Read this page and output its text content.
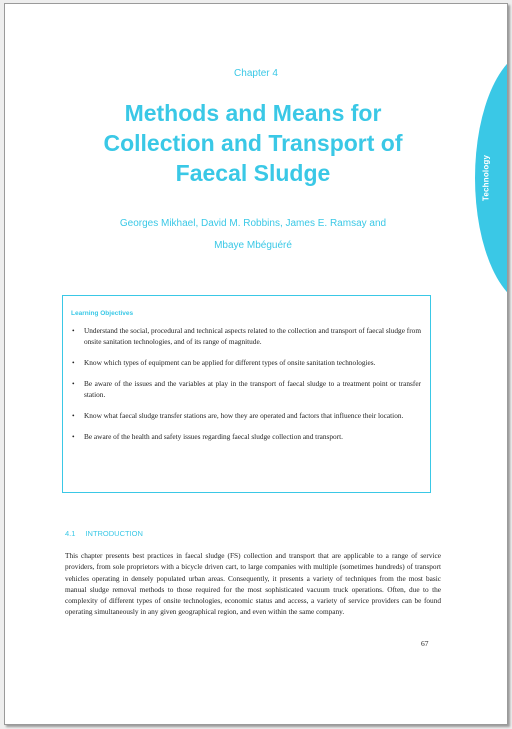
Technology
Chapter 4
Methods and Means for
Collection and Transport of
Faecal Sludge
Georges Mikhael, David M. Robbins, James E. Ramsay and
Mbaye Mbéguéré
Learning Objectives
• Understand the social, procedural and technical aspects related to the collection and transport of faecal sludge from onsite sanitation technologies, and of its range of magnitude.
• Know which types of equipment can be applied for different types of onsite sanitation technologies.
• Be aware of the issues and the variables at play in the transport of faecal sludge to a treatment point or transfer station.
• Know what faecal sludge transfer stations are, how they are operated and factors that influence their location.
• Be aware of the health and safety issues regarding faecal sludge collection and transport.
4.1 INTRODUCTION

This chapter presents best practices in faecal sludge (FS) collection and transport that are applicable to a range of service providers, from sole proprietors with a bicycle driven cart, to large companies with multiple (sometimes hundreds) of transport vehicles operating in densely populated urban areas. Consequently, it presents a variety of techniques from the most basic manual sludge removal methods to those required for the most sophisticated vacuum truck operations. Often, due to the complexity of different types of onsite technologies, economic status and access, a variety of service providers can be found operating simultaneously in any given geographical region, and even within the same company.

67
